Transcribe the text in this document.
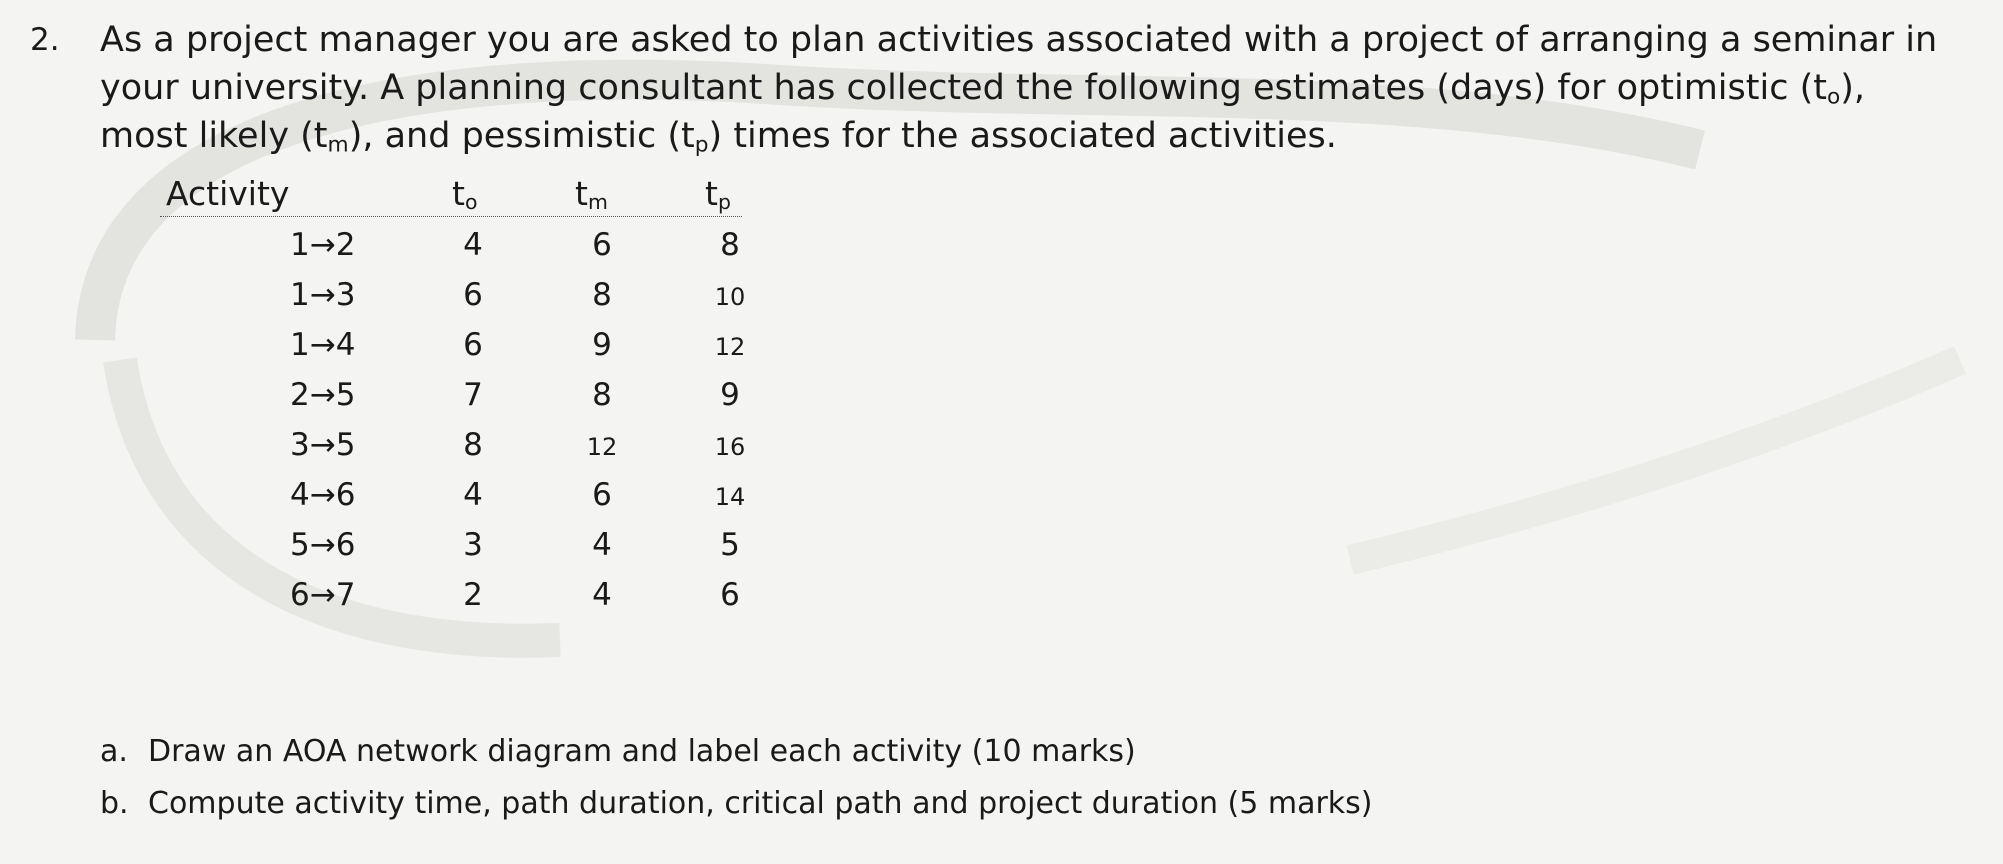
2. As a project manager you are asked to plan activities associated with a project of arranging a seminar in
your university. A planning consultant has collected the following estimates (days) for optimistic $(t_o)$,
most likely $(t_m)$, and pessimistic $(t_p)$ times for the associated activities.
Activity	to	tm	tp
1→2	4	6	8
1→3	6	8	10
1→4	6	9	12
2→5	7	8	9
3→5	8	12	16
4→6	4	6	14
5→6	3	4	5
6→7	2	4	6
a. Draw an AOA network diagram and label each activity (10 marks)
b. Compute activity time, path duration, critical path and project duration (5 marks)
